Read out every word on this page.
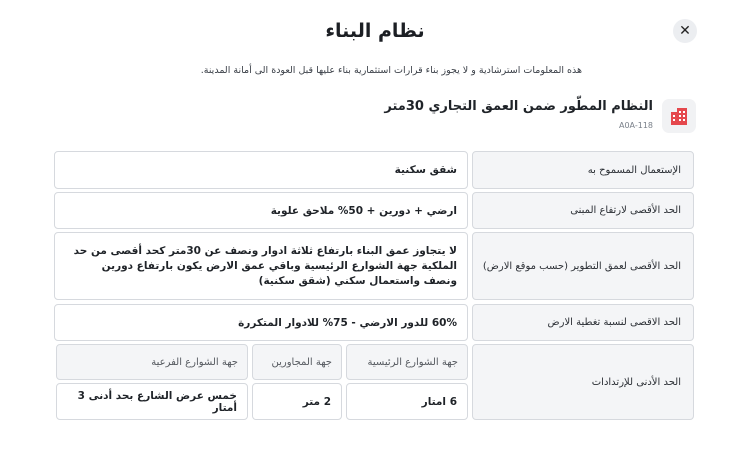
✕
نظام البناء
هذه المعلومات استرشادية و لا يجوز بناء قرارات استثمارية بناء عليها قبل العودة الى أمانة المدينة.
النظام المطّور ضمن العمق التجاري 30متر
A0A-118
الإستعمال المسموح به
شقق سكنية
الحد الأقصى لارتفاع المبنى
ارضي + دورين + 50% ملاحق علوية
الحد الأقصى لعمق التطوير (حسب موقع الارض)
لا يتجاوز عمق البناء بارتفاع ثلاثة ادوار ونصف عن 30متر كحد أقصى من حد الملكية جهة الشوارع الرئيسية وباقي عمق الارض يكون بارتفاع دورين ونصف واستعمال سكني (شقق سكنية)
الحد الاقصى لنسبة تغطية الارض
60% للدور الارضي - 75% للادوار المتكررة
الحد الأدنى للإرتدادات
جهة الشوارع الرئيسية
جهة المجاورين
جهة الشوارع الفرعية
6 امتار
2 متر
خمس عرض الشارع بحد أدنى 3 أمتار
